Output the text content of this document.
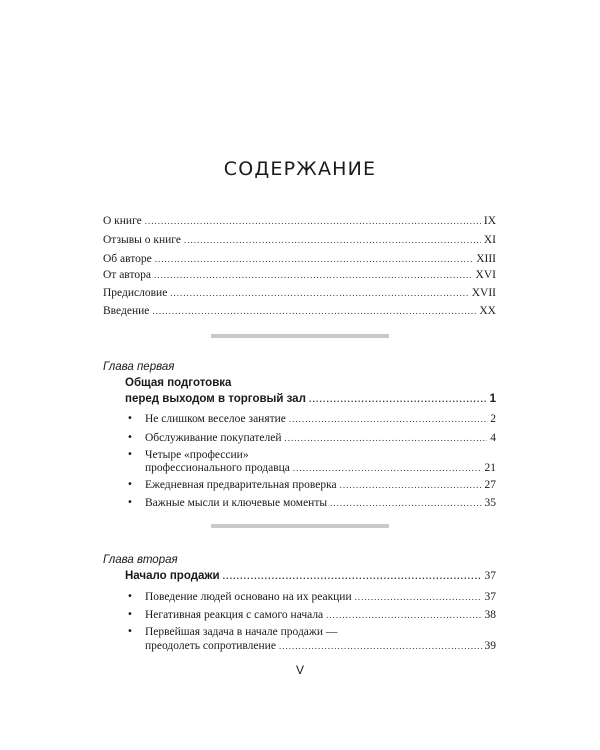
СОДЕРЖАНИЕ
О книге .....	IX
Отзывы о книге .....	XI
Об авторе .....	XIII
От автора .....	XVI
Предисловие .....	XVII
Введение .....	XX
Глава первая
Общая подготовка
перед выходом в торговый зал .....	1
• Не слишком веселое занятие .....	2
• Обслуживание покупателей .....	4
• Четыре «профессии»
профессионального продавца .....	21
• Ежедневная предварительная проверка .....	27
• Важные мысли и ключевые моменты .....	35
Глава вторая
Начало продажи .....	37
• Поведение людей основано на их реакции .....	37
• Негативная реакция с самого начала .....	38
• Первейшая задача в начале продажи —
преодолеть сопротивление .....	39
V
